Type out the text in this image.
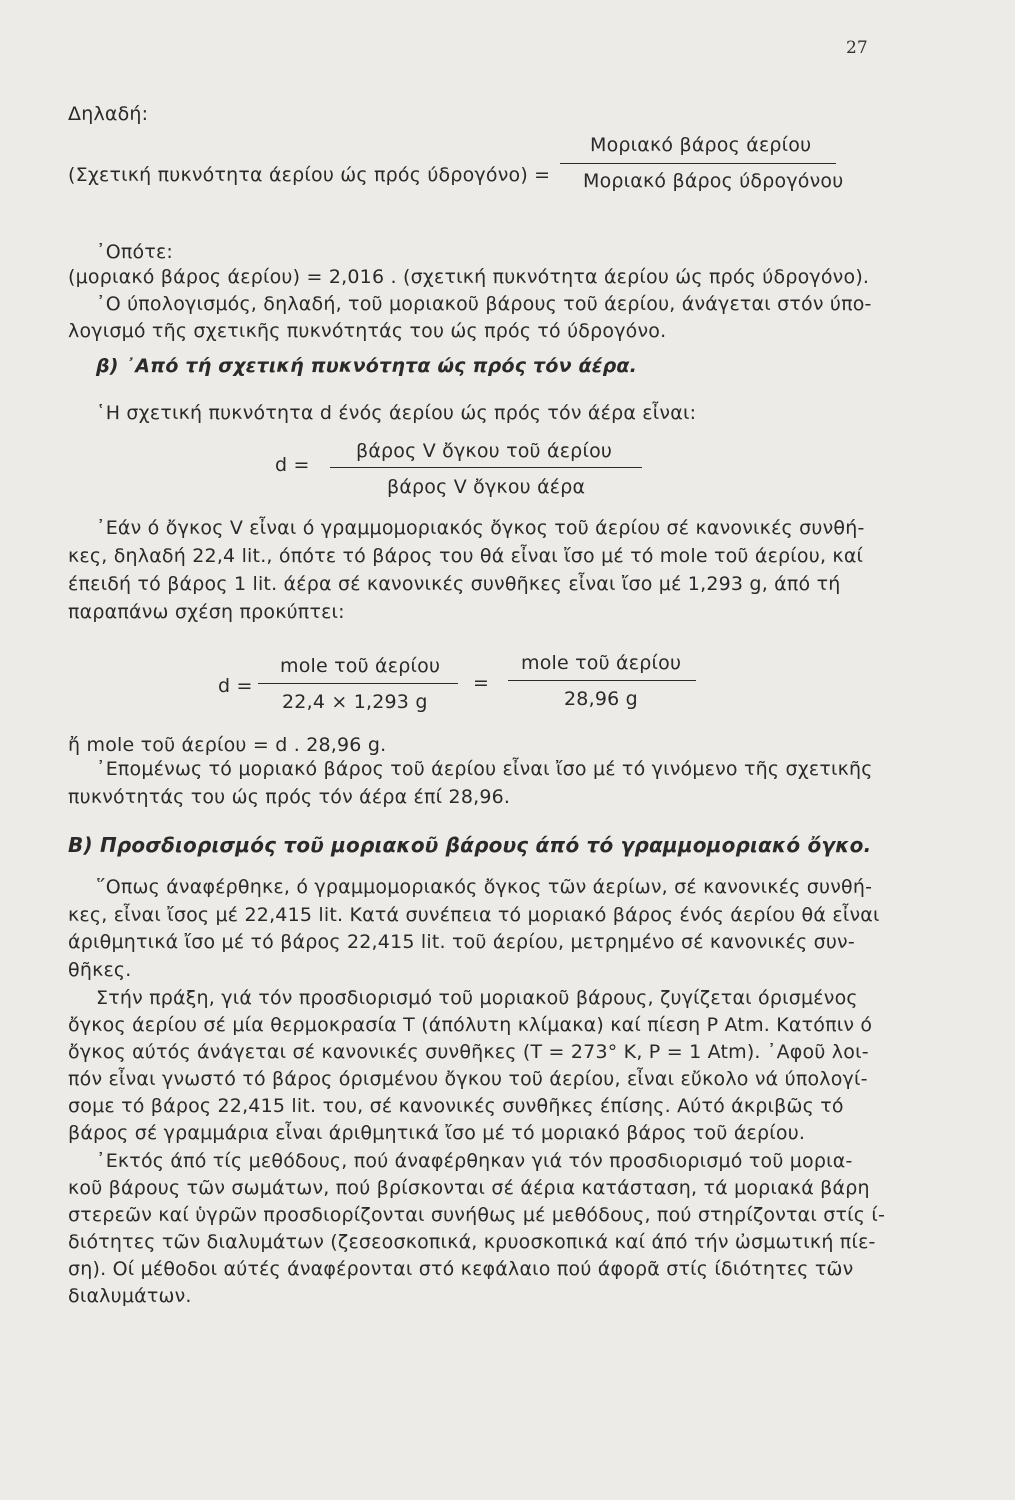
27
Δηλαδή:
(Σχετική πυκνότητα άερίου ώς πρός ύδρογόνο) =
Μοριακό βάρος άερίου
Μοριακό βάρος ύδρογόνου
᾿Οπότε:
(μοριακό βάρος άερίου) = 2,016 . (σχετική πυκνότητα άερίου ώς πρός ύδρογόνο).
᾿Ο ύπολογισμός, δηλαδή, τοῦ μοριακοῦ βάρους τοῦ άερίου, άνάγεται στόν ύπο-
λογισμό τῆς σχετικῆς πυκνότητάς του ώς πρός τό ύδρογόνο.
β) ᾿Από τή σχετική πυκνότητα ώς πρός τόν άέρα.
῾Η σχετική πυκνότητα d ένός άερίου ώς πρός τόν άέρα εἶναι:
d =
βάρος V ὄγκου τοῦ άερίου
βάρος V ὄγκου άέρα
᾿Εάν ό ὄγκος V εἶναι ό γραμμομοριακός ὄγκος τοῦ άερίου σέ κανονικές συνθή-
κες, δηλαδή 22,4 lit., όπότε τό βάρος του θά εἶναι ἴσο μέ τό mole τοῦ άερίου, καί
έπειδή τό βάρος 1 lit. άέρα σέ κανονικές συνθῆκες εἶναι ἴσο μέ 1,293 g, άπό τή
παραπάνω σχέση προκύπτει:
d =
mole τοῦ άερίου
22,4 × 1,293 g
=
mole τοῦ άερίου
28,96 g
ἤ mole τοῦ άερίου = d . 28,96 g.
᾿Επομένως τό μοριακό βάρος τοῦ άερίου εἶναι ἴσο μέ τό γινόμενο τῆς σχετικῆς
πυκνότητάς του ώς πρός τόν άέρα έπί 28,96.
Β) Προσδιορισμός τοῦ μοριακοῦ βάρους άπό τό γραμμομοριακό ὄγκο.
῞Οπως άναφέρθηκε, ό γραμμομοριακός ὄγκος τῶν άερίων, σέ κανονικές συνθή-
κες, εἶναι ἴσος μέ 22,415 lit. Κατά συνέπεια τό μοριακό βάρος ένός άερίου θά εἶναι
άριθμητικά ἴσο μέ τό βάρος 22,415 lit. τοῦ άερίου, μετρημένο σέ κανονικές συν-
θῆκες.
Στήν πράξη, γιά τόν προσδιορισμό τοῦ μοριακοῦ βάρους, ζυγίζεται όρισμένος
ὄγκος άερίου σέ μία θερμοκρασία T (άπόλυτη κλίμακα) καί πίεση P Atm. Κατόπιν ό
ὄγκος αύτός άνάγεται σέ κανονικές συνθῆκες (T = 273° K, P = 1 Atm). ᾿Αφοῦ λοι-
πόν εἶναι γνωστό τό βάρος όρισμένου ὄγκου τοῦ άερίου, εἶναι εὔκολο νά ύπολογί-
σομε τό βάρος 22,415 lit. του, σέ κανονικές συνθῆκες έπίσης. Αύτό άκριβῶς τό
βάρος σέ γραμμάρια εἶναι άριθμητικά ἴσο μέ τό μοριακό βάρος τοῦ άερίου.
᾿Εκτός άπό τίς μεθόδους, πού άναφέρθηκαν γιά τόν προσδιορισμό τοῦ μορια-
κοῦ βάρους τῶν σωμάτων, πού βρίσκονται σέ άέρια κατάσταση, τά μοριακά βάρη
στερεῶν καί ὑγρῶν προσδιορίζονται συνήθως μέ μεθόδους, πού στηρίζονται στίς ί-
διότητες τῶν διαλυμάτων (ζεσεοσκοπικά, κρυοσκοπικά καί άπό τήν ὠσμωτική πίε-
ση). Οί μέθοδοι αύτές άναφέρονται στό κεφάλαιο πού άφορᾶ στίς ίδιότητες τῶν
διαλυμάτων.
